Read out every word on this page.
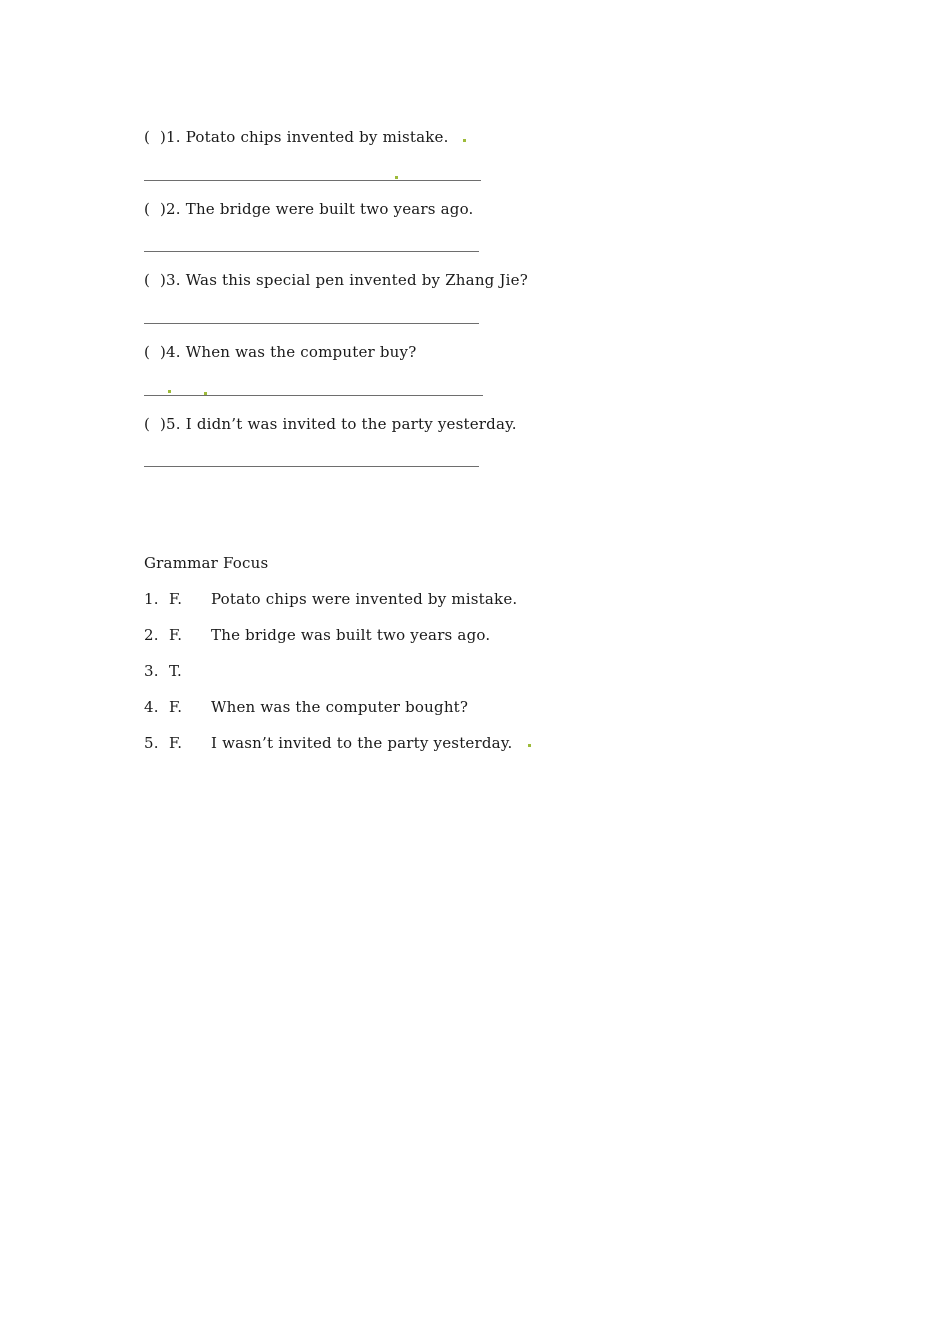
(  )1. Potato chips invented by mistake.
(  )2. The bridge were built two years ago.
(  )3. Was this special pen invented by Zhang Jie?
(  )4. When was the computer buy?
(  )5. I didn’t was invited to the party yesterday.
Grammar Focus
1. F. Potato chips were invented by mistake.
2. F. The bridge was built two years ago.
3. T.
4. F. When was the computer bought?
5. F. I wasn’t invited to the party yesterday.
